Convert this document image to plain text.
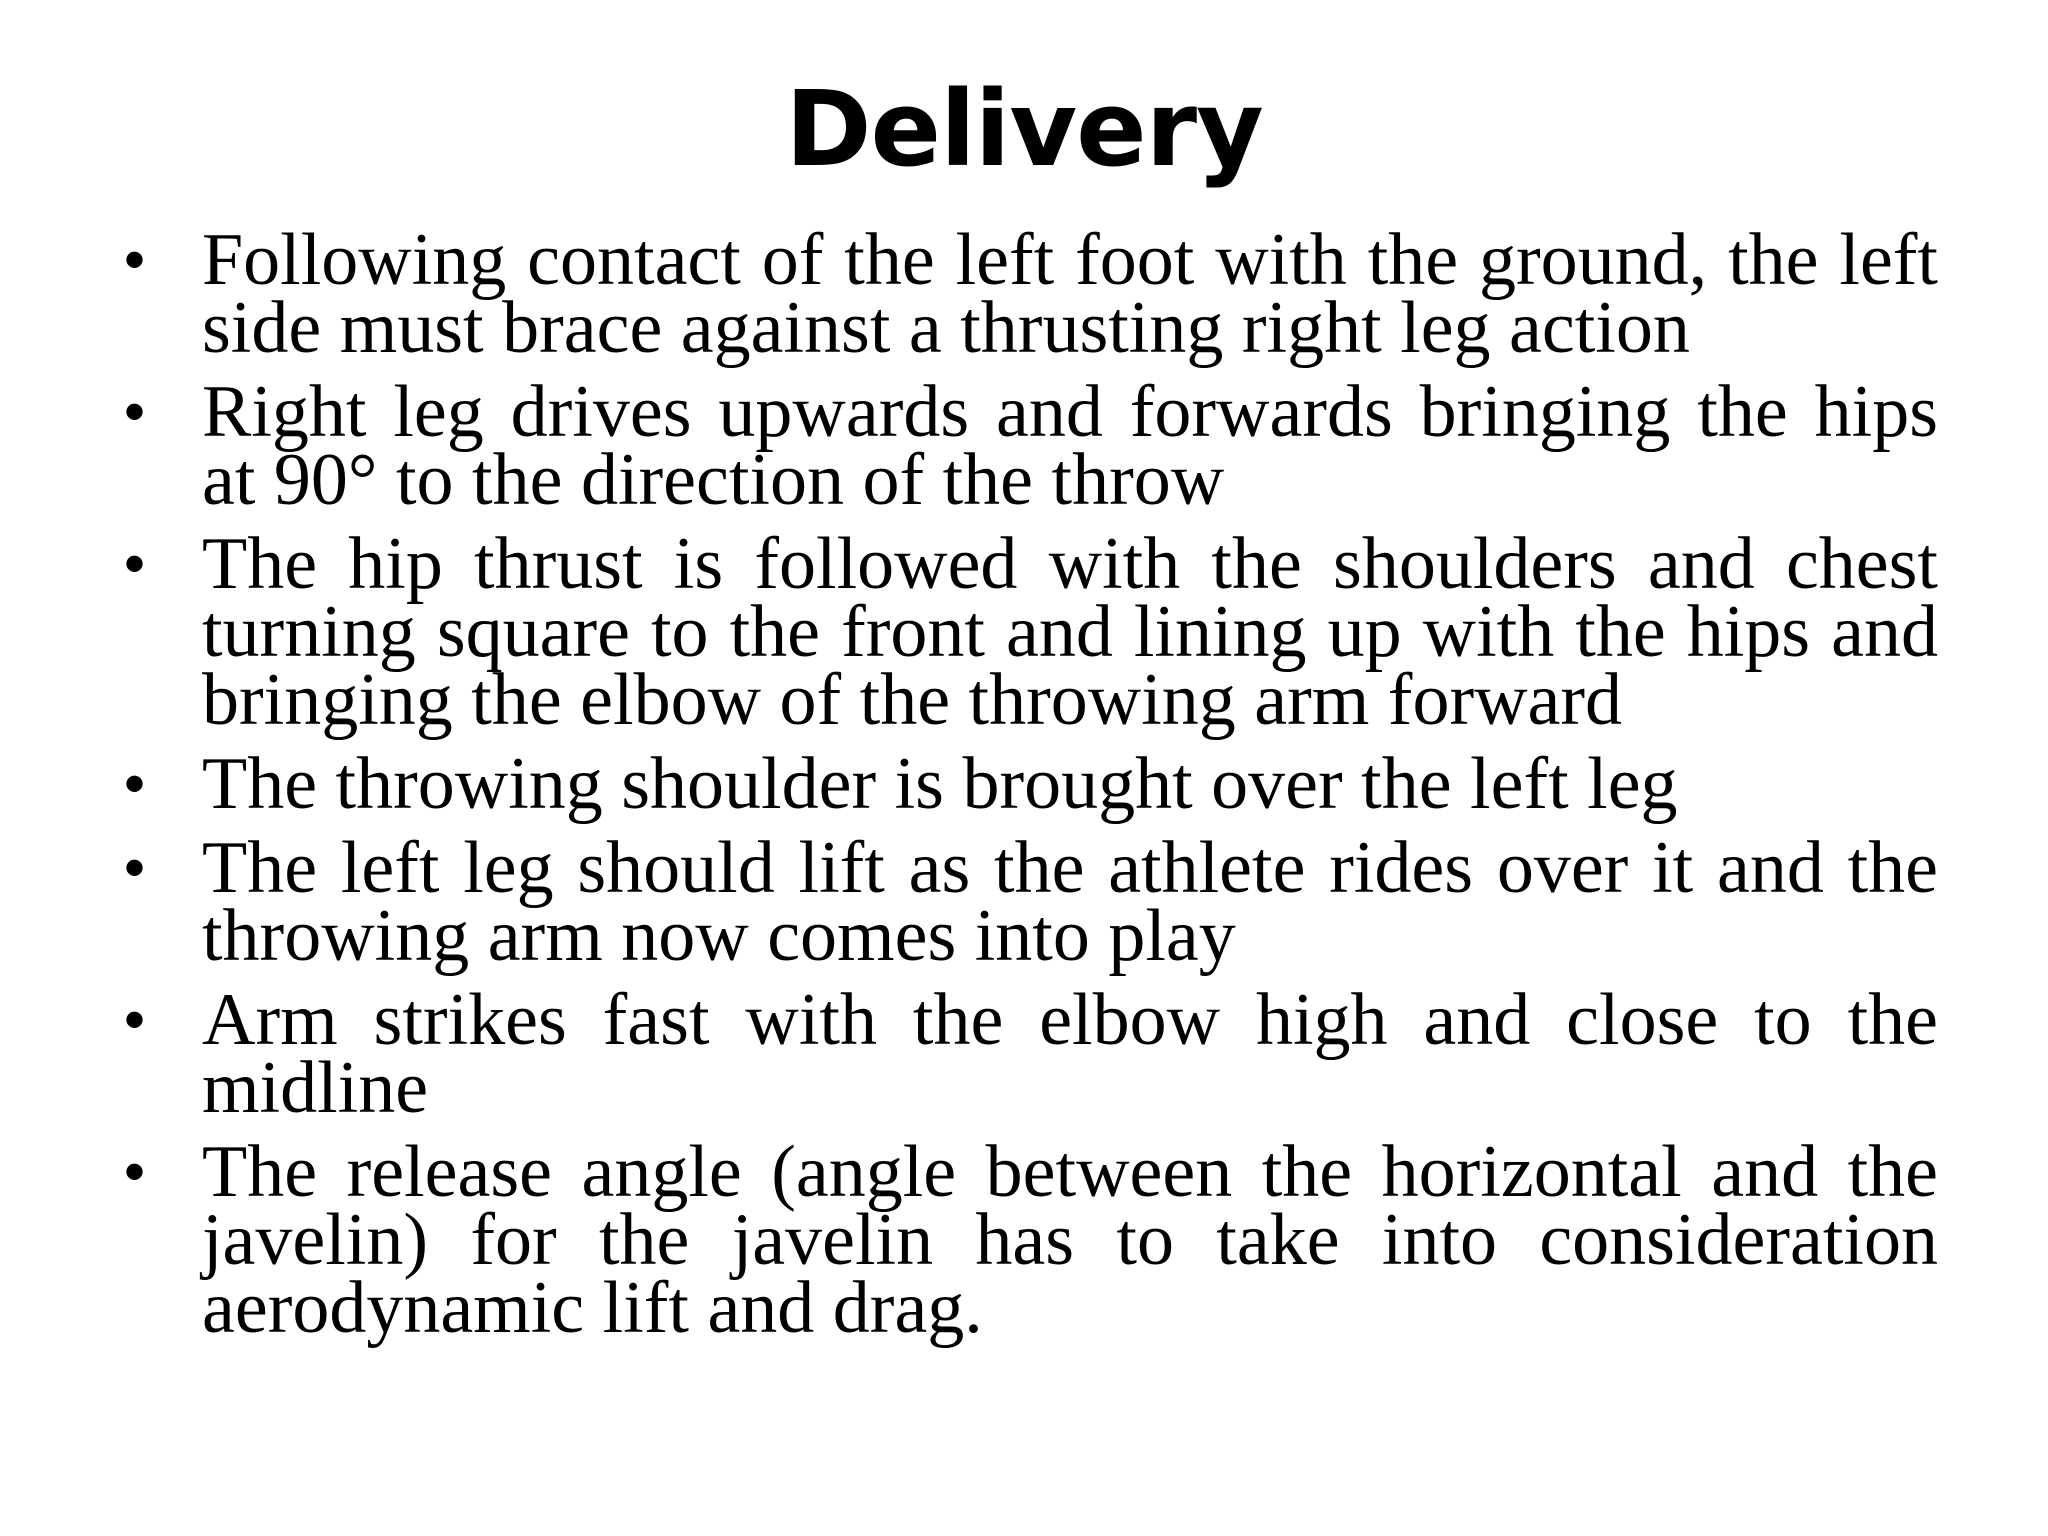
Delivery
• Following contact of the left foot with the ground, the left side must brace against a thrusting right leg action
• Right leg drives upwards and forwards bringing the hips at 90° to the direction of the throw
• The hip thrust is followed with the shoulders and chest turning square to the front and lining up with the hips and bringing the elbow of the throwing arm forward
• The throwing shoulder is brought over the left leg
• The left leg should lift as the athlete rides over it and the throwing arm now comes into play
• Arm strikes fast with the elbow high and close to the midline
• The release angle (angle between the horizontal and the javelin) for the javelin has to take into consideration aerodynamic lift and drag.
